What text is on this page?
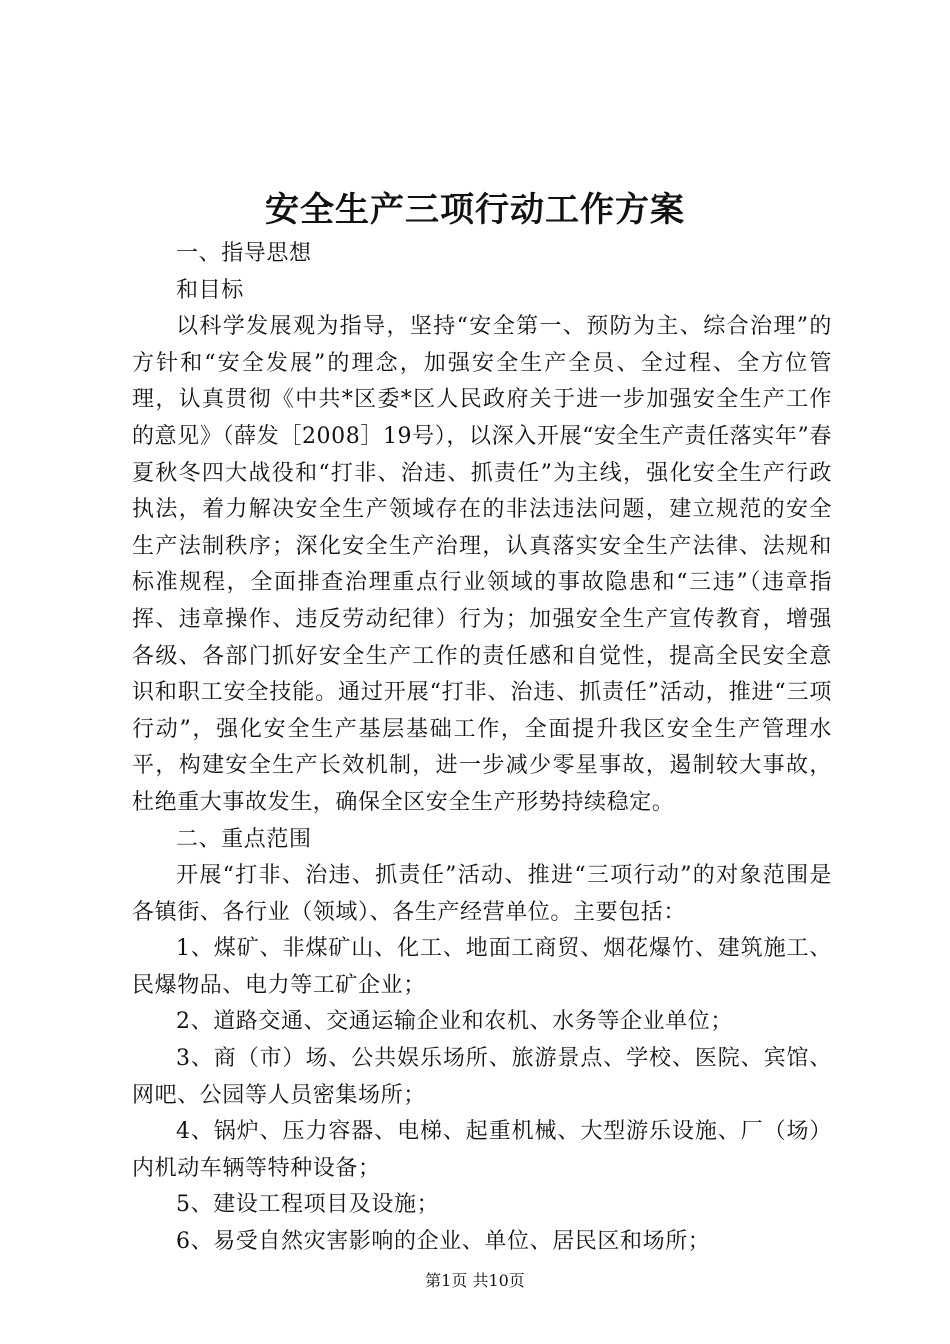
安全生产三项行动工作方案

一、指导思想

和目标

以科学发展观为指导，坚持“安全第一、预防为主、综合治理”的方针和“安全发展”的理念，加强安全生产全员、全过程、全方位管理，认真贯彻《中共*区委*区人民政府关于进一步加强安全生产工作的意见》（薛发［2008］19号），以深入开展“安全生产责任落实年”春夏秋冬四大战役和“打非、治违、抓责任”为主线，强化安全生产行政执法，着力解决安全生产领域存在的非法违法问题，建立规范的安全生产法制秩序；深化安全生产治理，认真落实安全生产法律、法规和标准规程，全面排查治理重点行业领域的事故隐患和“三违”（违章指挥、违章操作、违反劳动纪律）行为；加强安全生产宣传教育，增强各级、各部门抓好安全生产工作的责任感和自觉性，提高全民安全意识和职工安全技能。通过开展“打非、治违、抓责任”活动，推进“三项行动”，强化安全生产基层基础工作，全面提升我区安全生产管理水平，构建安全生产长效机制，进一步减少零星事故，遏制较大事故，杜绝重大事故发生，确保全区安全生产形势持续稳定。

二、重点范围

开展“打非、治违、抓责任”活动、推进“三项行动”的对象范围是各镇街、各行业（领域）、各生产经营单位。主要包括：

1、煤矿、非煤矿山、化工、地面工商贸、烟花爆竹、建筑施工、民爆物品、电力等工矿企业；

2、道路交通、交通运输企业和农机、水务等企业单位；

3、商（市）场、公共娱乐场所、旅游景点、学校、医院、宾馆、网吧、公园等人员密集场所；

4、锅炉、压力容器、电梯、起重机械、大型游乐设施、厂（场）内机动车辆等特种设备；

5、建设工程项目及设施；

6、易受自然灾害影响的企业、单位、居民区和场所；

第1页 共10页
